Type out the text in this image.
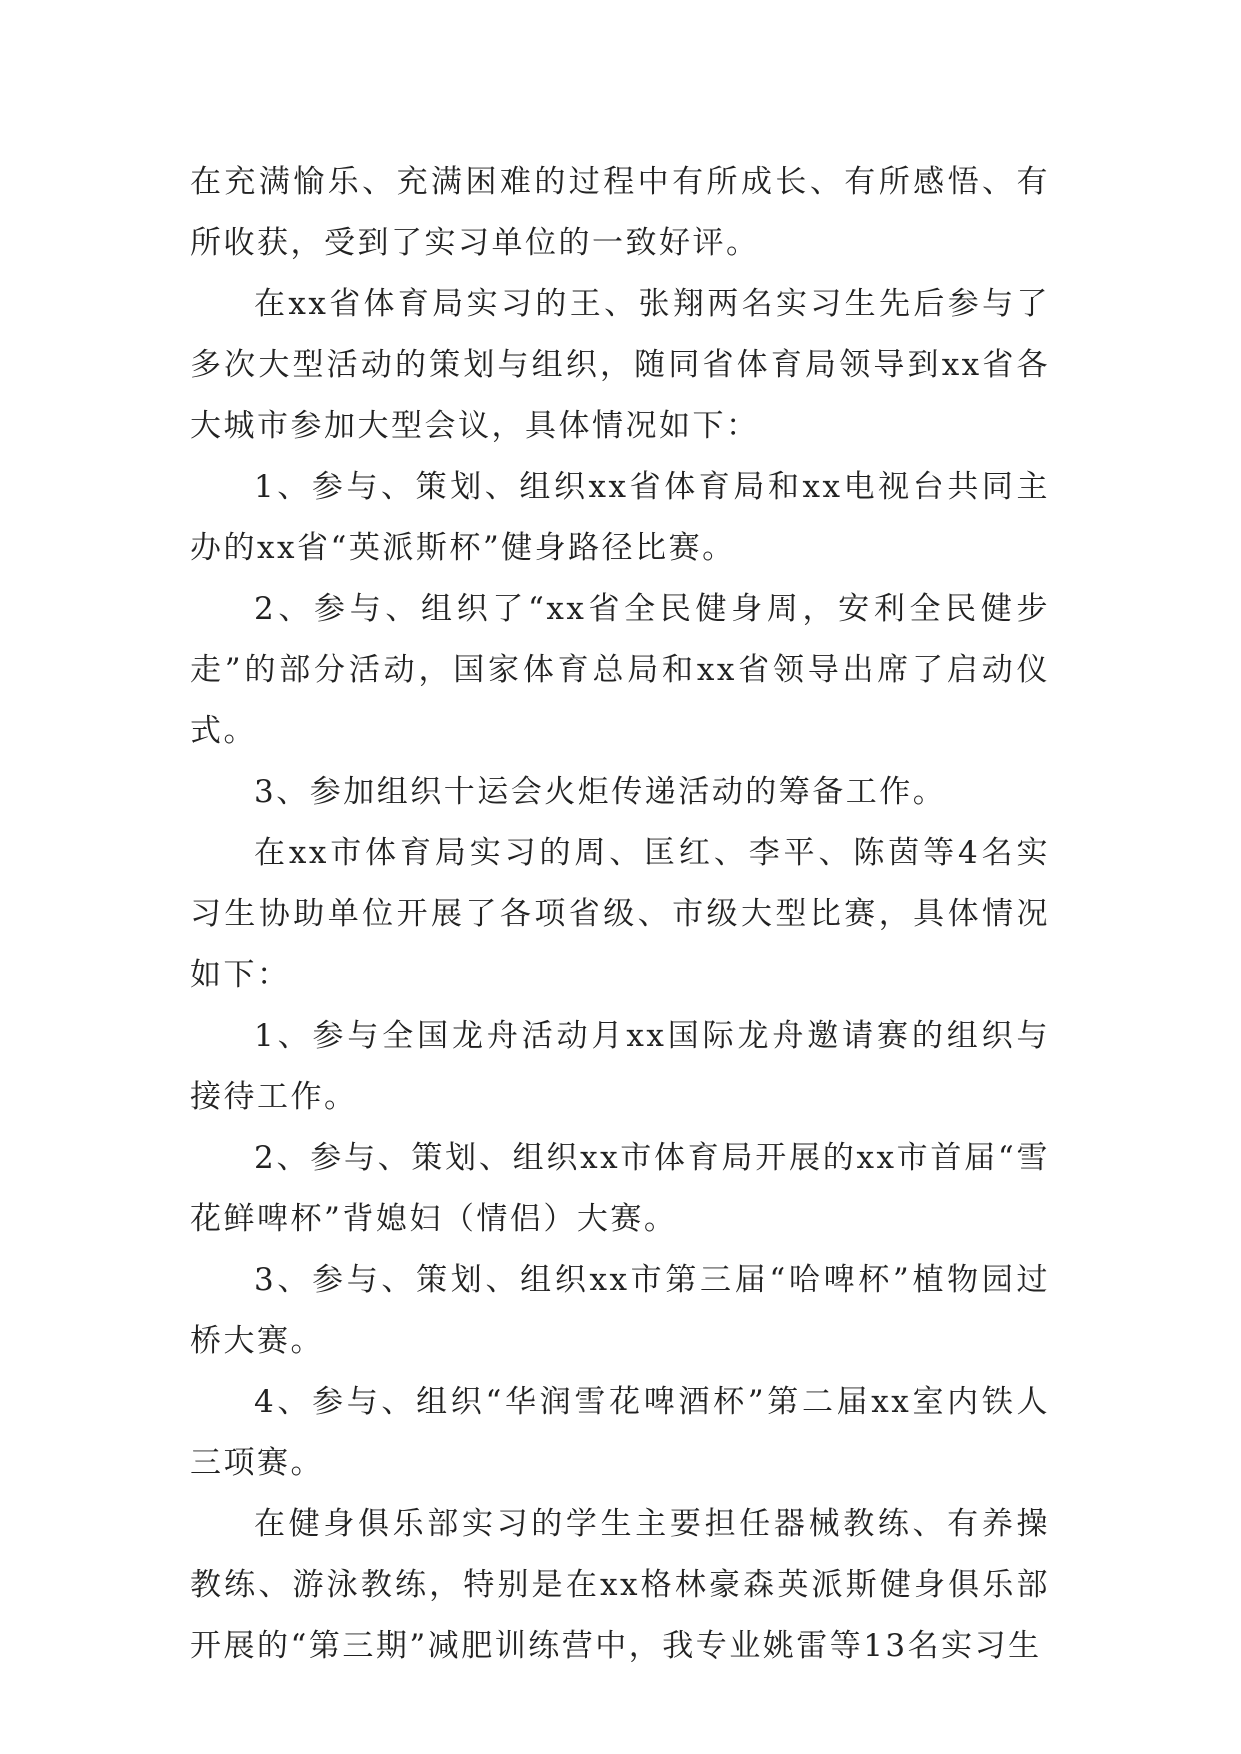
在充满愉乐、充满困难的过程中有所成长、有所感悟、有所收获，受到了实习单位的一致好评。

在xx省体育局实习的王、张翔两名实习生先后参与了多次大型活动的策划与组织，随同省体育局领导到xx省各大城市参加大型会议，具体情况如下：

1、参与、策划、组织xx省体育局和xx电视台共同主办的xx省“英派斯杯”健身路径比赛。

2、参与、组织了“xx省全民健身周，安利全民健步走”的部分活动，国家体育总局和xx省领导出席了启动仪式。

3、参加组织十运会火炬传递活动的筹备工作。

在xx市体育局实习的周、匡红、李平、陈茵等4名实习生协助单位开展了各项省级、市级大型比赛，具体情况如下：

1、参与全国龙舟活动月xx国际龙舟邀请赛的组织与接待工作。

2、参与、策划、组织xx市体育局开展的xx市首届“雪花鲜啤杯”背媳妇（情侣）大赛。

3、参与、策划、组织xx市第三届“哈啤杯”植物园过桥大赛。

4、参与、组织“华润雪花啤酒杯”第二届xx室内铁人三项赛。

在健身俱乐部实习的学生主要担任器械教练、有养操教练、游泳教练，特别是在xx格林豪森英派斯健身俱乐部开展的“第三期”减肥训练营中，我专业姚雷等13名实习生
